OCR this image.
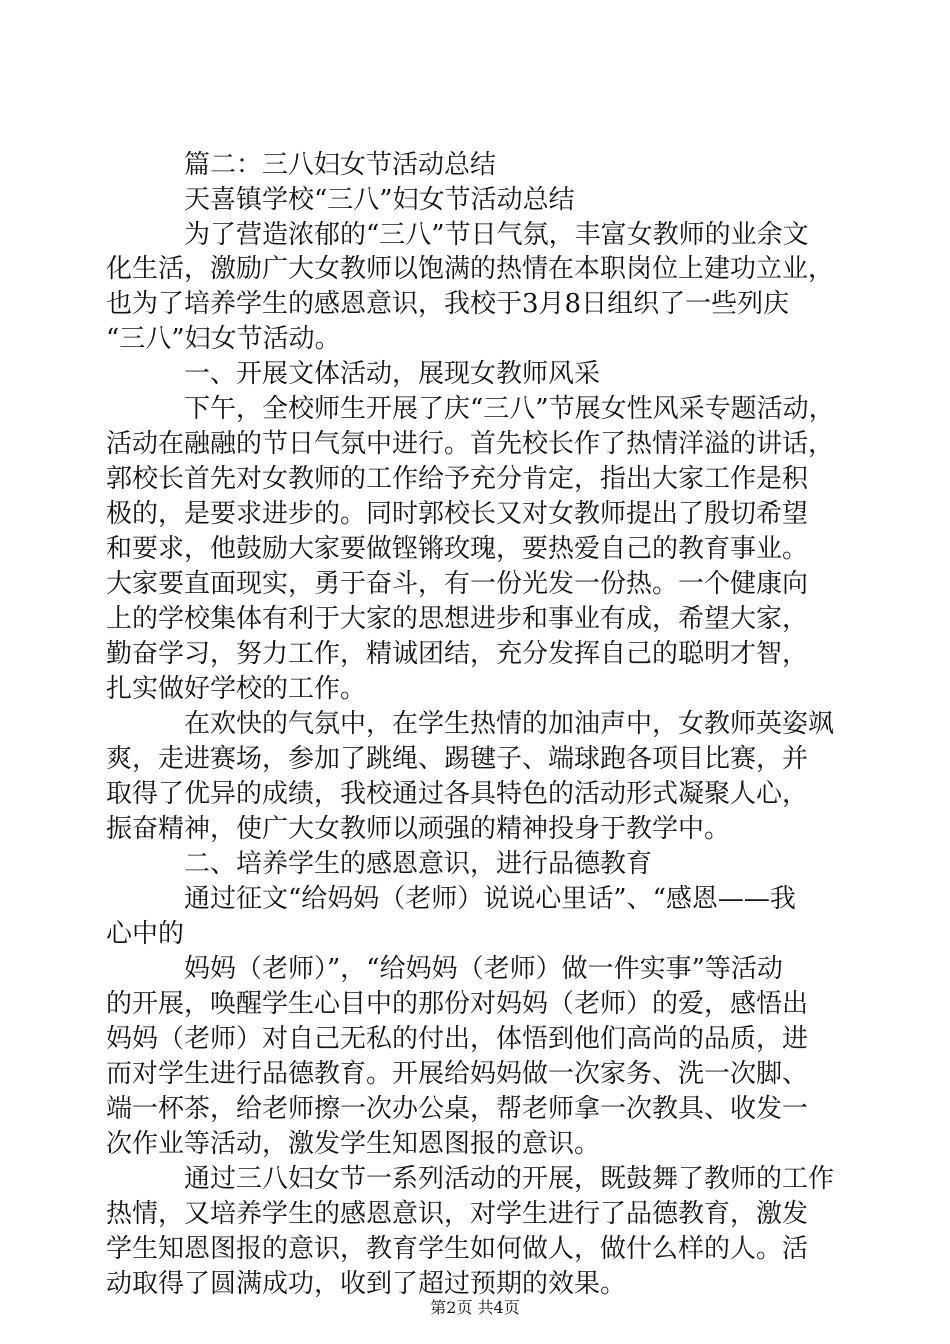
篇二：三八妇女节活动总结
天喜镇学校“三八”妇女节活动总结
为了营造浓郁的“三八”节日气氛，丰富女教师的业余文
化生活，激励广大女教师以饱满的热情在本职岗位上建功立业，
也为了培养学生的感恩意识，我校于3月8日组织了一些列庆
“三八”妇女节活动。
一、开展文体活动，展现女教师风采
下午，全校师生开展了庆“三八”节展女性风采专题活动，
活动在融融的节日气氛中进行。首先校长作了热情洋溢的讲话，
郭校长首先对女教师的工作给予充分肯定，指出大家工作是积
极的，是要求进步的。同时郭校长又对女教师提出了殷切希望
和要求，他鼓励大家要做铿锵玫瑰，要热爱自己的教育事业。
大家要直面现实，勇于奋斗，有一份光发一份热。一个健康向
上的学校集体有利于大家的思想进步和事业有成，希望大家，
勤奋学习，努力工作，精诚团结，充分发挥自己的聪明才智，
扎实做好学校的工作。
在欢快的气氛中，在学生热情的加油声中，女教师英姿飒
爽，走进赛场，参加了跳绳、踢毽子、端球跑各项目比赛，并
取得了优异的成绩，我校通过各具特色的活动形式凝聚人心，
振奋精神，使广大女教师以顽强的精神投身于教学中。
二、培养学生的感恩意识，进行品德教育
通过征文“给妈妈（老师）说说心里话”、“感恩——我
心中的
妈妈（老师）”，“给妈妈（老师）做一件实事”等活动
的开展，唤醒学生心目中的那份对妈妈（老师）的爱，感悟出
妈妈（老师）对自己无私的付出，体悟到他们高尚的品质，进
而对学生进行品德教育。开展给妈妈做一次家务、洗一次脚、
端一杯茶，给老师擦一次办公桌，帮老师拿一次教具、收发一
次作业等活动，激发学生知恩图报的意识。
通过三八妇女节一系列活动的开展，既鼓舞了教师的工作
热情，又培养学生的感恩意识，对学生进行了品德教育，激发
学生知恩图报的意识，教育学生如何做人，做什么样的人。活
动取得了圆满成功，收到了超过预期的效果。
第2页 共4页
